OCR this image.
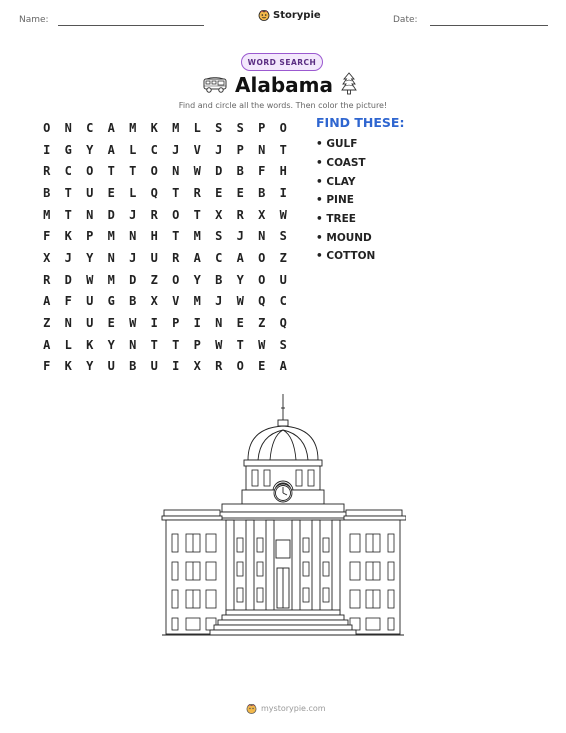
Name:	Storypie	Date:
WORD SEARCH
Alabama
Find and circle all the words. Then color the picture!
O	N	C	A	M	K	M	L	S	S	P	O
I	G	Y	A	L	C	J	V	J	P	N	T
R	C	O	T	T	O	N	W	D	B	F	H
B	T	U	E	L	Q	T	R	E	E	B	I
M	T	N	D	J	R	O	T	X	R	X	W
F	K	P	M	N	H	T	M	S	J	N	S
X	J	Y	N	J	U	R	A	C	A	O	Z
R	D	W	M	D	Z	O	Y	B	Y	O	U
A	F	U	G	B	X	V	M	J	W	Q	C
Z	N	U	E	W	I	P	I	N	E	Z	Q
A	L	K	Y	N	T	T	P	W	T	W	S
F	K	Y	U	B	U	I	X	R	O	E	A
FIND THESE:
• GULF
• COAST
• CLAY
• PINE
• TREE
• MOUND
• COTTON
mystorypie.com
